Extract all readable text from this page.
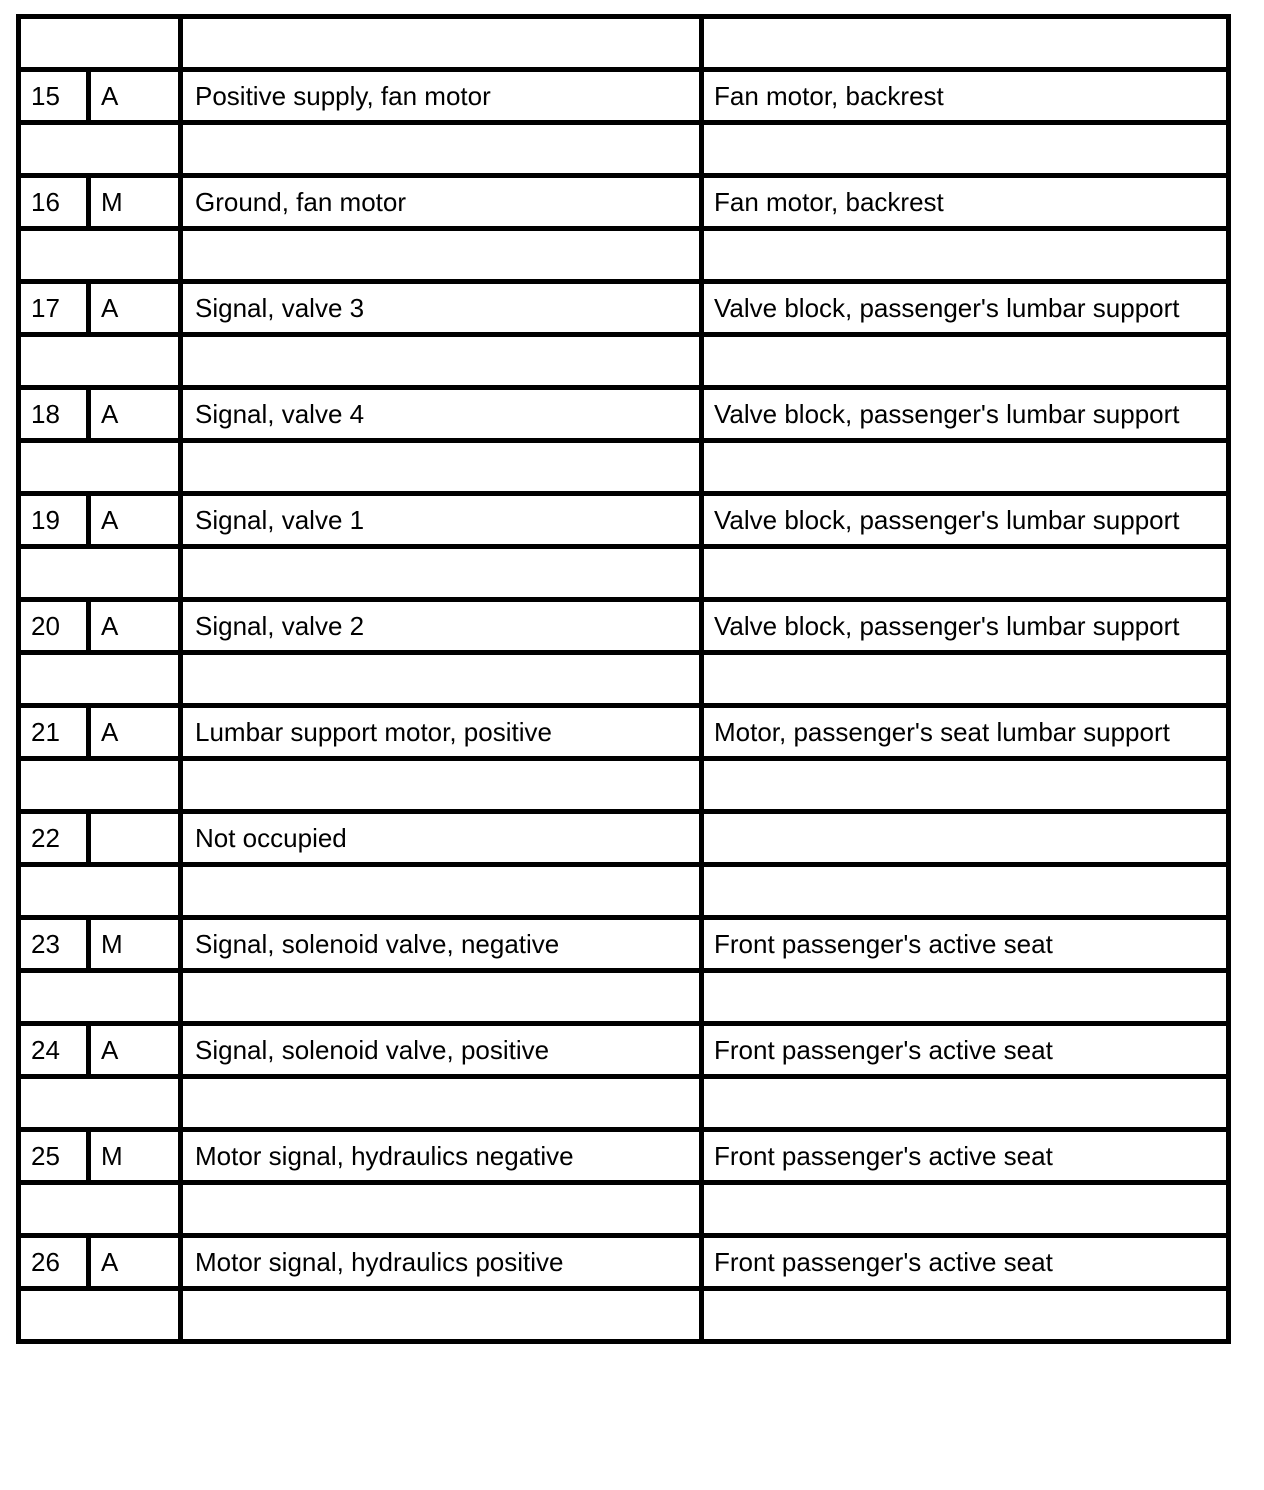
15	A	Positive supply, fan motor	Fan motor, backrest

16	M	Ground, fan motor	Fan motor, backrest

17	A	Signal, valve 3	Valve block, passenger's lumbar support

18	A	Signal, valve 4	Valve block, passenger's lumbar support

19	A	Signal, valve 1	Valve block, passenger's lumbar support

20	A	Signal, valve 2	Valve block, passenger's lumbar support

21	A	Lumbar support motor, positive	Motor, passenger's seat lumbar support

22		Not occupied	

23	M	Signal, solenoid valve, negative	Front passenger's active seat

24	A	Signal, solenoid valve, positive	Front passenger's active seat

25	M	Motor signal, hydraulics negative	Front passenger's active seat

26	A	Motor signal, hydraulics positive	Front passenger's active seat
